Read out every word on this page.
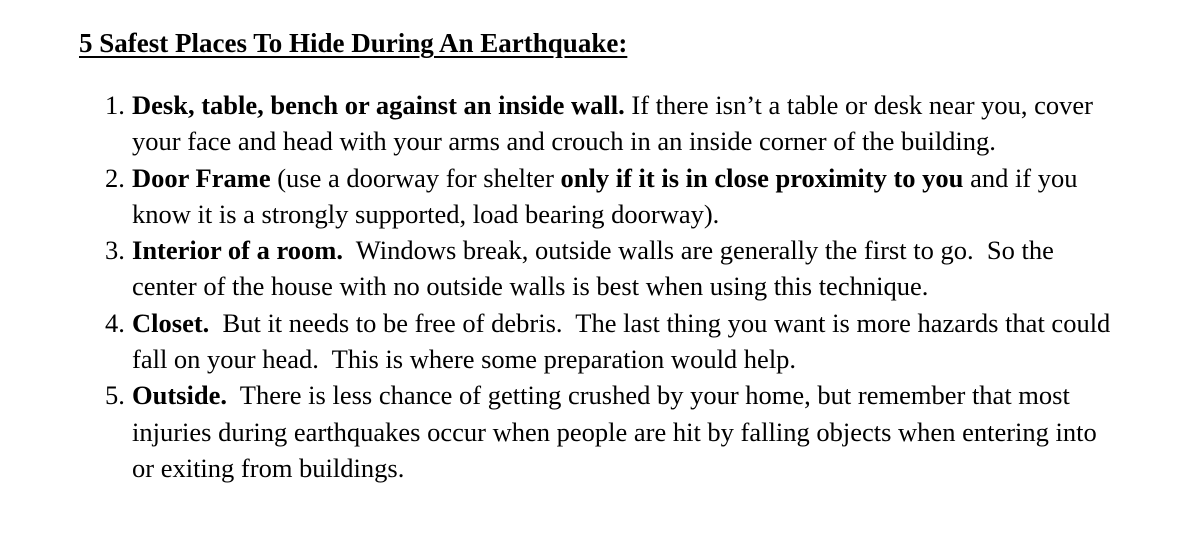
5 Safest Places To Hide During An Earthquake:
1. Desk, table, bench or against an inside wall. If there isn’t a table or desk near you, cover your face and head with your arms and crouch in an inside corner of the building.
2. Door Frame (use a doorway for shelter only if it is in close proximity to you and if you know it is a strongly supported, load bearing doorway).
3. Interior of a room.  Windows break, outside walls are generally the first to go.  So the center of the house with no outside walls is best when using this technique.
4. Closet.  But it needs to be free of debris.  The last thing you want is more hazards that could fall on your head.  This is where some preparation would help.
5. Outside.  There is less chance of getting crushed by your home, but remember that most injuries during earthquakes occur when people are hit by falling objects when entering into or exiting from buildings.
